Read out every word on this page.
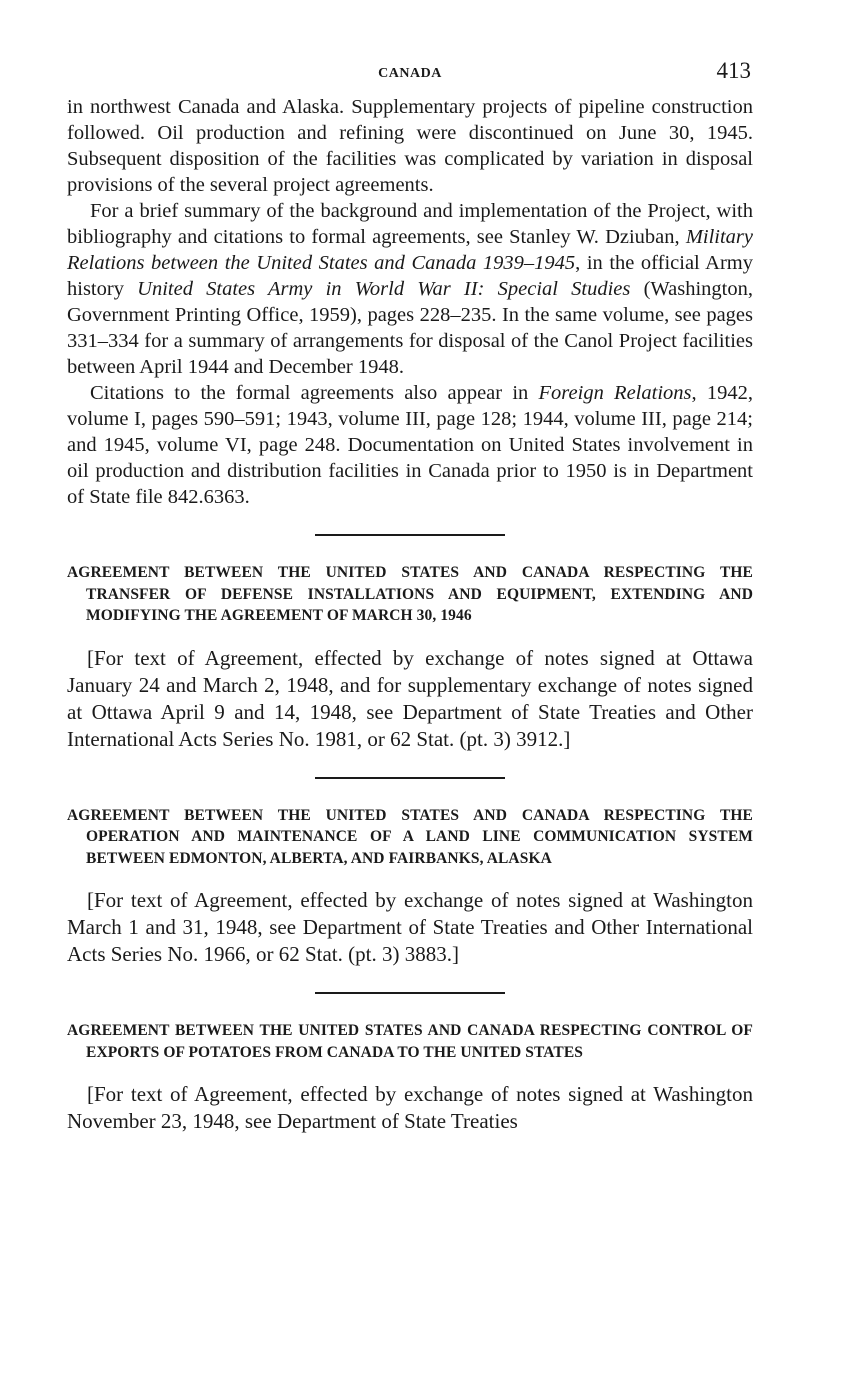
CANADA	413

in northwest Canada and Alaska. Supplementary projects of pipeline construction followed. Oil production and refining were discontinued on June 30, 1945. Subsequent disposition of the facilities was complicated by variation in disposal provisions of the several project agreements.

For a brief summary of the background and implementation of the Project, with bibliography and citations to formal agreements, see Stanley W. Dziuban, Military Relations between the United States and Canada 1939–1945, in the official Army history United States Army in World War II: Special Studies (Washington, Government Printing Office, 1959), pages 228–235. In the same volume, see pages 331–334 for a summary of arrangements for disposal of the Canol Project facilities between April 1944 and December 1948.

Citations to the formal agreements also appear in Foreign Relations, 1942, volume I, pages 590–591; 1943, volume III, page 128; 1944, volume III, page 214; and 1945, volume VI, page 248. Documentation on United States involvement in oil production and distribution facilities in Canada prior to 1950 is in Department of State file 842.6363.

AGREEMENT BETWEEN THE UNITED STATES AND CANADA RESPECTING THE TRANSFER OF DEFENSE INSTALLATIONS AND EQUIPMENT, EXTENDING AND MODIFYING THE AGREEMENT OF MARCH 30, 1946

[For text of Agreement, effected by exchange of notes signed at Ottawa January 24 and March 2, 1948, and for supplementary exchange of notes signed at Ottawa April 9 and 14, 1948, see Department of State Treaties and Other International Acts Series No. 1981, or 62 Stat. (pt. 3) 3912.]

AGREEMENT BETWEEN THE UNITED STATES AND CANADA RESPECTING THE OPERATION AND MAINTENANCE OF A LAND LINE COMMUNICATION SYSTEM BETWEEN EDMONTON, ALBERTA, AND FAIRBANKS, ALASKA

[For text of Agreement, effected by exchange of notes signed at Washington March 1 and 31, 1948, see Department of State Treaties and Other International Acts Series No. 1966, or 62 Stat. (pt. 3) 3883.]

AGREEMENT BETWEEN THE UNITED STATES AND CANADA RESPECTING CONTROL OF EXPORTS OF POTATOES FROM CANADA TO THE UNITED STATES

[For text of Agreement, effected by exchange of notes signed at Washington November 23, 1948, see Department of State Treaties
